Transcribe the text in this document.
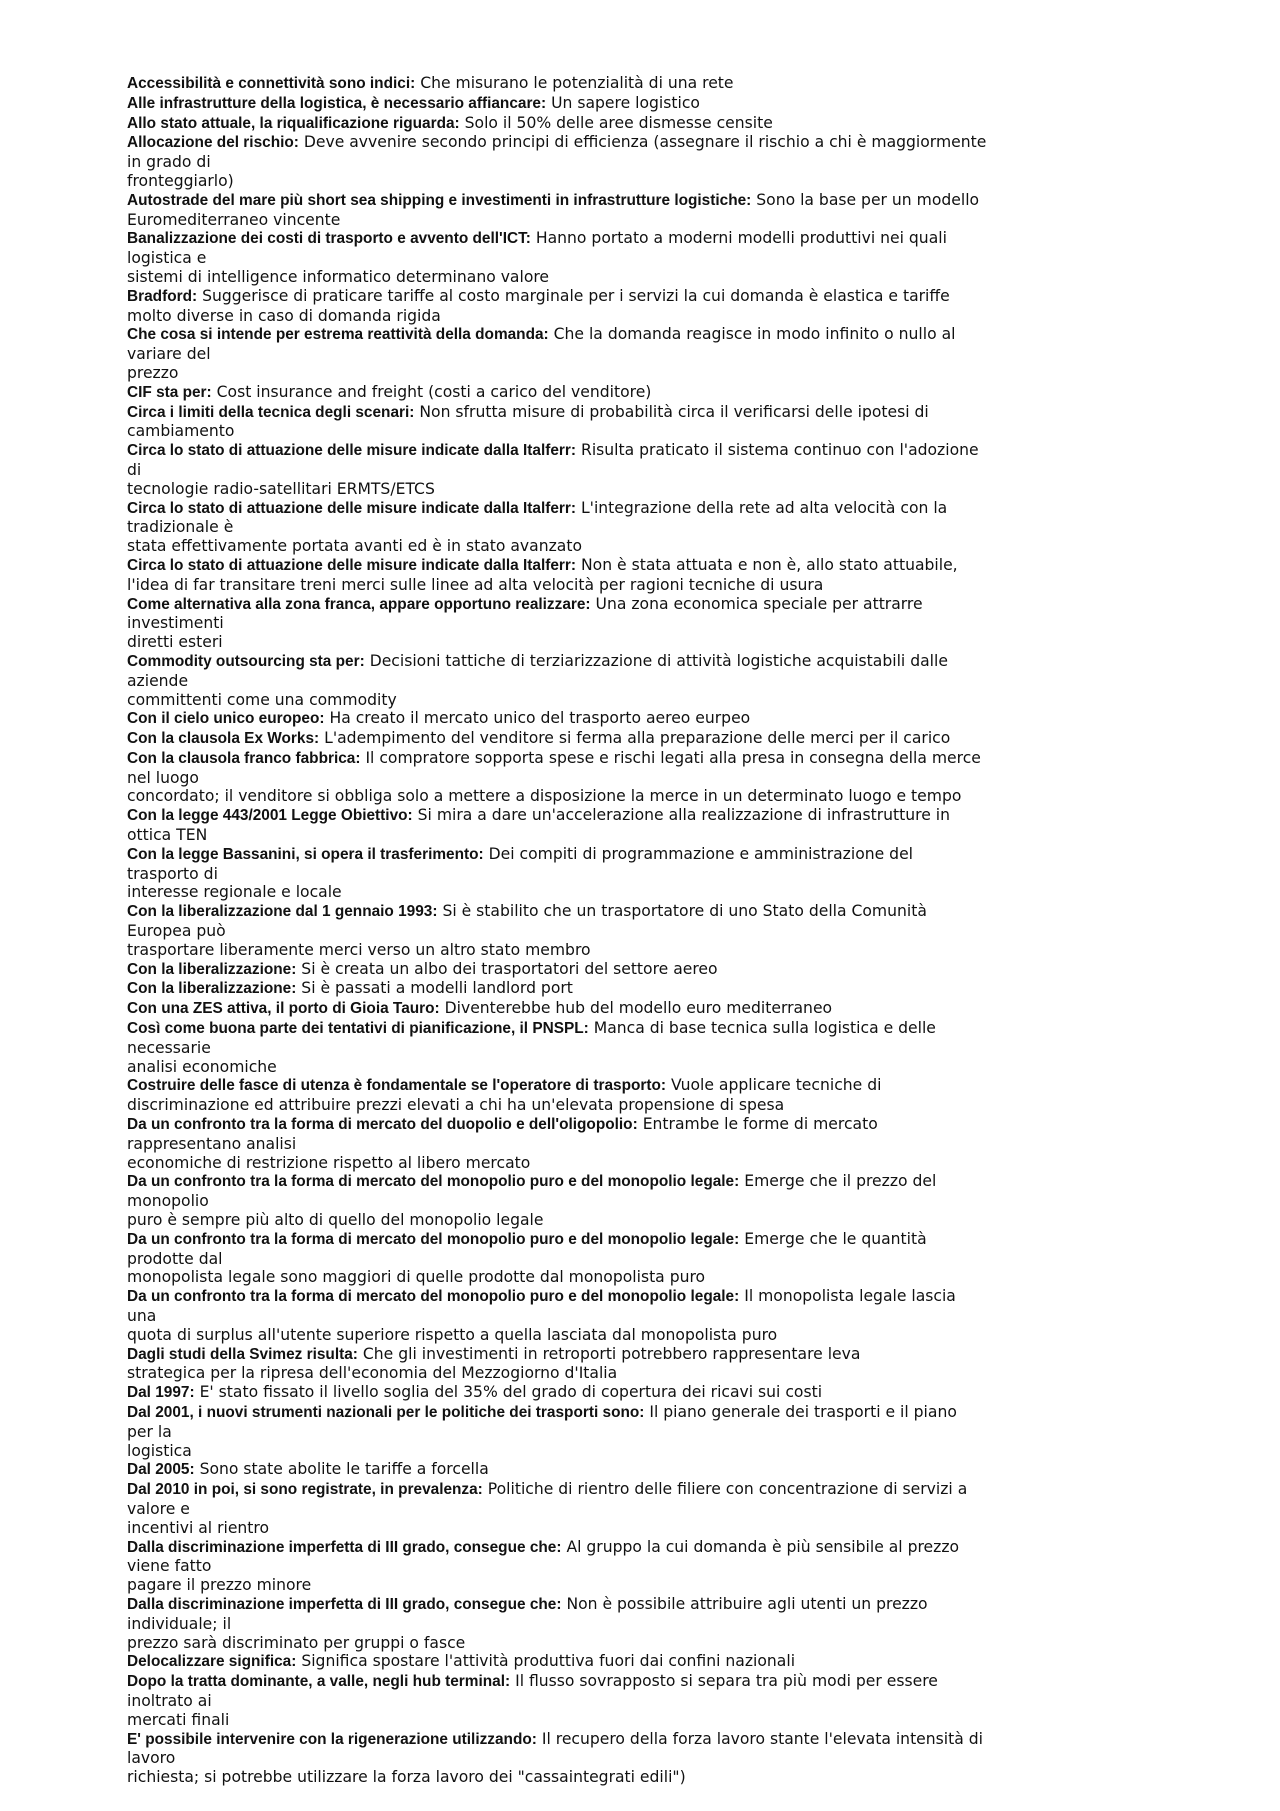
Accessibilità e connettività sono indici: Che misurano le potenzialità di una rete
Alle infrastrutture della logistica, è necessario affiancare: Un sapere logistico
Allo stato attuale, la riqualificazione riguarda: Solo il 50% delle aree dismesse censite
Allocazione del rischio: Deve avvenire secondo principi di efficienza (assegnare il rischio a chi è maggiormente
in grado di
fronteggiarlo)
Autostrade del mare più short sea shipping e investimenti in infrastrutture logistiche: Sono la base per un modello
Euromediterraneo vincente
Banalizzazione dei costi di trasporto e avvento dell'ICT: Hanno portato a moderni modelli produttivi nei quali
logistica e
sistemi di intelligence informatico determinano valore
Bradford: Suggerisce di praticare tariffe al costo marginale per i servizi la cui domanda è elastica e tariffe
molto diverse in caso di domanda rigida
Che cosa si intende per estrema reattività della domanda: Che la domanda reagisce in modo infinito o nullo al
variare del
prezzo
CIF sta per: Cost insurance and freight (costi a carico del venditore)
Circa i limiti della tecnica degli scenari: Non sfrutta misure di probabilità circa il verificarsi delle ipotesi di
cambiamento
Circa lo stato di attuazione delle misure indicate dalla Italferr: Risulta praticato il sistema continuo con l'adozione
di
tecnologie radio-satellitari ERMTS/ETCS
Circa lo stato di attuazione delle misure indicate dalla Italferr: L'integrazione della rete ad alta velocità con la
tradizionale è
stata effettivamente portata avanti ed è in stato avanzato
Circa lo stato di attuazione delle misure indicate dalla Italferr: Non è stata attuata e non è, allo stato attuabile,
l'idea di far transitare treni merci sulle linee ad alta velocità per ragioni tecniche di usura
Come alternativa alla zona franca, appare opportuno realizzare: Una zona economica speciale per attrarre
investimenti
diretti esteri
Commodity outsourcing sta per: Decisioni tattiche di terziarizzazione di attività logistiche acquistabili dalle
aziende
committenti come una commodity
Con il cielo unico europeo: Ha creato il mercato unico del trasporto aereo eurpeo
Con la clausola Ex Works: L'adempimento del venditore si ferma alla preparazione delle merci per il carico
Con la clausola franco fabbrica: Il compratore sopporta spese e rischi legati alla presa in consegna della merce
nel luogo
concordato; il venditore si obbliga solo a mettere a disposizione la merce in un determinato luogo e tempo
Con la legge 443/2001 Legge Obiettivo: Si mira a dare un'accelerazione alla realizzazione di infrastrutture in
ottica TEN
Con la legge Bassanini, si opera il trasferimento: Dei compiti di programmazione e amministrazione del
trasporto di
interesse regionale e locale
Con la liberalizzazione dal 1 gennaio 1993: Si è stabilito che un trasportatore di uno Stato della Comunità
Europea può
trasportare liberamente merci verso un altro stato membro
Con la liberalizzazione: Si è creata un albo dei trasportatori del settore aereo
Con la liberalizzazione: Si è passati a modelli landlord port
Con una ZES attiva, il porto di Gioia Tauro: Diventerebbe hub del modello euro mediterraneo
Così come buona parte dei tentativi di pianificazione, il PNSPL: Manca di base tecnica sulla logistica e delle
necessarie
analisi economiche
Costruire delle fasce di utenza è fondamentale se l'operatore di trasporto: Vuole applicare tecniche di
discriminazione ed attribuire prezzi elevati a chi ha un'elevata propensione di spesa
Da un confronto tra la forma di mercato del duopolio e dell'oligopolio: Entrambe le forme di mercato
rappresentano analisi
economiche di restrizione rispetto al libero mercato
Da un confronto tra la forma di mercato del monopolio puro e del monopolio legale: Emerge che il prezzo del
monopolio
puro è sempre più alto di quello del monopolio legale
Da un confronto tra la forma di mercato del monopolio puro e del monopolio legale: Emerge che le quantità
prodotte dal
monopolista legale sono maggiori di quelle prodotte dal monopolista puro
Da un confronto tra la forma di mercato del monopolio puro e del monopolio legale: Il monopolista legale lascia
una
quota di surplus all'utente superiore rispetto a quella lasciata dal monopolista puro
Dagli studi della Svimez risulta: Che gli investimenti in retroporti potrebbero rappresentare leva
strategica per la ripresa dell'economia del Mezzogiorno d'Italia
Dal 1997: E' stato fissato il livello soglia del 35% del grado di copertura dei ricavi sui costi
Dal 2001, i nuovi strumenti nazionali per le politiche dei trasporti sono: Il piano generale dei trasporti e il piano
per la
logistica
Dal 2005: Sono state abolite le tariffe a forcella
Dal 2010 in poi, si sono registrate, in prevalenza: Politiche di rientro delle filiere con concentrazione di servizi a
valore e
incentivi al rientro
Dalla discriminazione imperfetta di III grado, consegue che: Al gruppo la cui domanda è più sensibile al prezzo
viene fatto
pagare il prezzo minore
Dalla discriminazione imperfetta di III grado, consegue che: Non è possibile attribuire agli utenti un prezzo
individuale; il
prezzo sarà discriminato per gruppi o fasce
Delocalizzare significa: Significa spostare l'attività produttiva fuori dai confini nazionali
Dopo la tratta dominante, a valle, negli hub terminal: Il flusso sovrapposto si separa tra più modi per essere
inoltrato ai
mercati finali
E' possibile intervenire con la rigenerazione utilizzando: Il recupero della forza lavoro stante l'elevata intensità di
lavoro
richiesta; si potrebbe utilizzare la forza lavoro dei "cassaintegrati edili")
